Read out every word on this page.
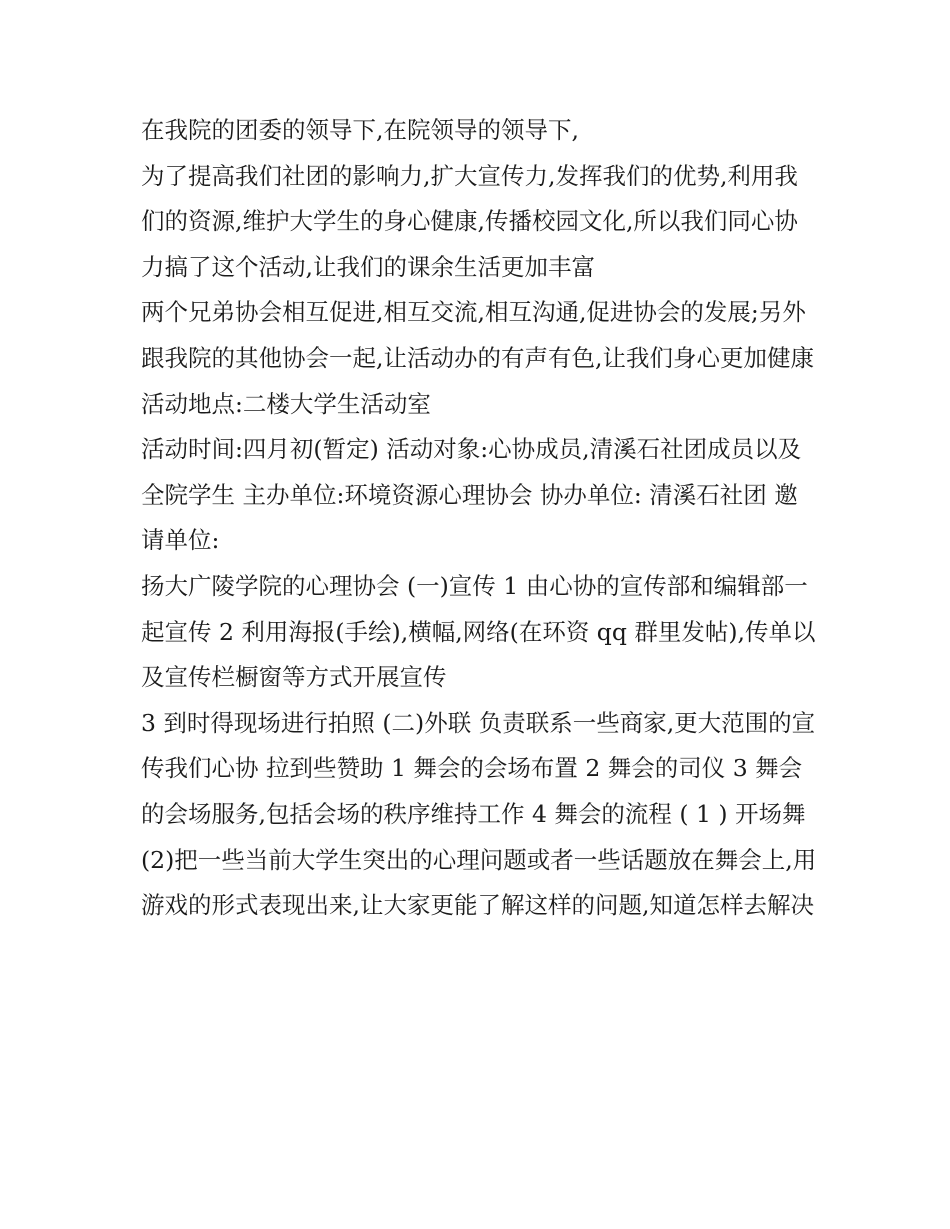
在我院的团委的领导下,在院领导的领导下,

为了提高我们社团的影响力,扩大宣传力,发挥我们的优势,利用我们的资源,维护大学生的身心健康,传播校园文化,所以我们同心协力搞了这个活动,让我们的课余生活更加丰富

两个兄弟协会相互促进,相互交流,相互沟通,促进协会的发展;另外跟我院的其他协会一起,让活动办的有声有色,让我们身心更加健康 活动地点:二楼大学生活动室

活动时间:四月初(暂定) 活动对象:心协成员,清溪石社团成员以及全院学生 主办单位:环境资源心理协会 协办单位: 清溪石社团 邀请单位:

扬大广陵学院的心理协会 (一)宣传 1 由心协的宣传部和编辑部一起宣传 2 利用海报(手绘),横幅,网络(在环资 qq 群里发帖),传单以及宣传栏橱窗等方式开展宣传

3 到时得现场进行拍照 (二)外联 负责联系一些商家,更大范围的宣传我们心协 拉到些赞助 1 舞会的会场布置 2 舞会的司仪 3 舞会的会场服务,包括会场的秩序维持工作 4 舞会的流程 ( 1 ) 开场舞

(2)把一些当前大学生突出的心理问题或者一些话题放在舞会上,用游戏的形式表现出来,让大家更能了解这样的问题,知道怎样去解决
